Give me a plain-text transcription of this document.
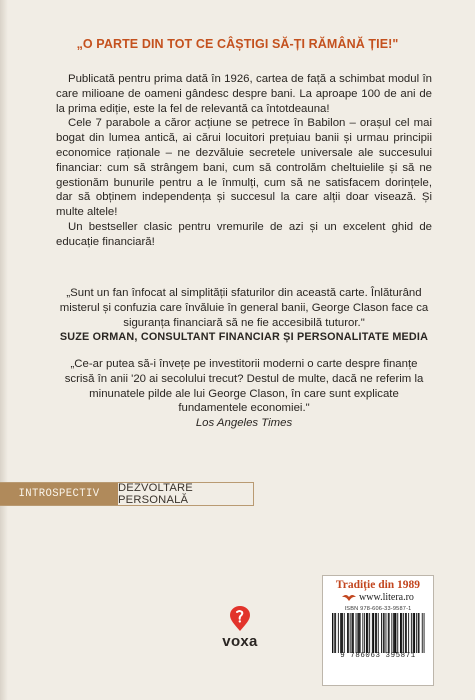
„O PARTE DIN TOT CE CÂȘTIGI SĂ-ȚI RĂMÂNĂ ȚIE!"

Publicată pentru prima dată în 1926, cartea de față a schimbat modul în care milioane de oameni gândesc despre bani. La aproape 100 de ani de la prima ediție, este la fel de relevantă ca întotdeauna!

Cele 7 parabole a căror acțiune se petrece în Babilon – orașul cel mai bogat din lumea antică, ai cărui locuitori prețuiau banii și urmau principii economice raționale – ne dezvăluie secretele universale ale succesului financiar: cum să strângem bani, cum să controlăm cheltuielile și să ne gestionăm bunurile pentru a le înmulți, cum să ne satisfacem dorințele, dar să obținem independența și succesul la care alții doar visează. Și multe altele!

Un bestseller clasic pentru vremurile de azi și un excelent ghid de educație financiară!

„Sunt un fan înfocat al simplității sfaturilor din această carte. Înlăturând misterul și confuzia care învăluie în general banii, George Clason face ca siguranța financiară să ne fie accesibilă tuturor."

SUZE ORMAN, CONSULTANT FINANCIAR ȘI PERSONALITATE MEDIA

„Ce-ar putea să-i învețe pe investitorii moderni o carte despre finanțe scrisă în anii '20 ai secolului trecut? Destul de multe, dacă ne referim la minunatele pilde ale lui George Clason, în care sunt explicate fundamentele economiei."

Los Angeles Times

INTROSPECTIV	DEZVOLTARE PERSONALĂ
voxa
Tradiție din 1989
www.litera.ro
ISBN 978-606-33-9587-1
9 786063 395871
